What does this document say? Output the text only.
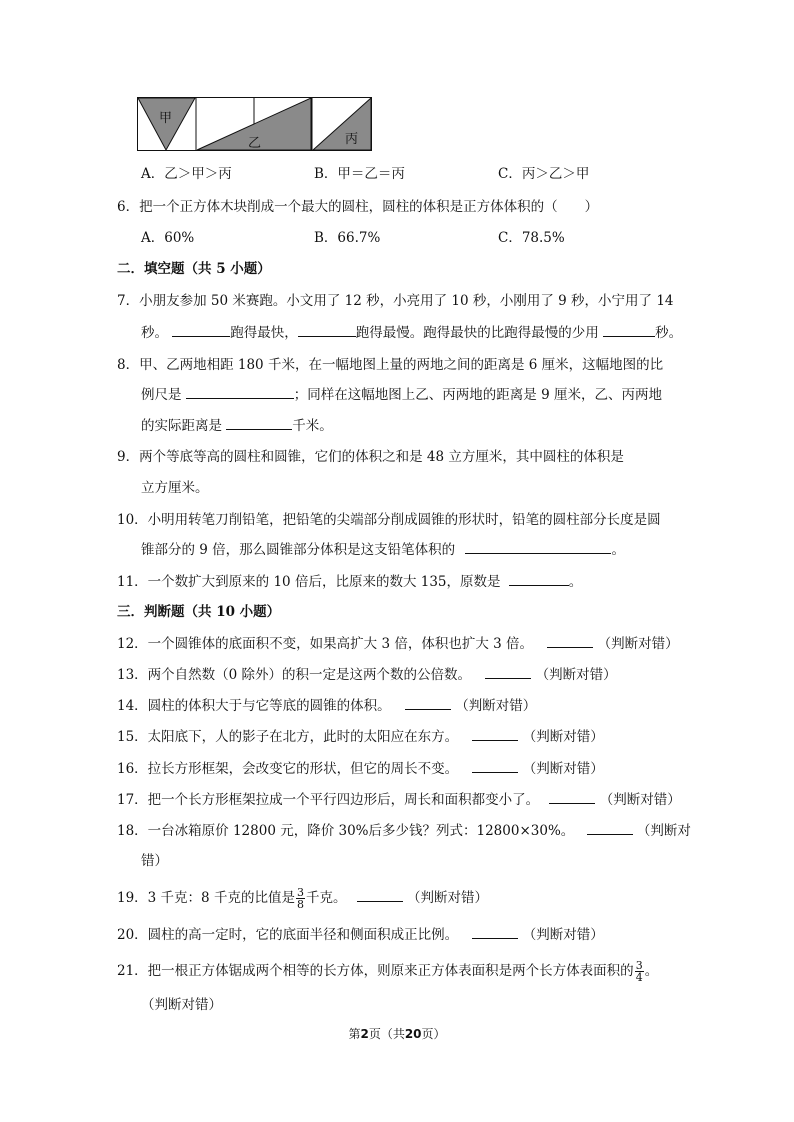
甲
乙	丙
A．乙＞甲＞丙	B．甲＝乙＝丙	C．丙＞乙＞甲
6．把一个正方体木块削成一个最大的圆柱，圆柱的体积是正方体体积的（　　）
A．60%	B．66.7%	C．78.5%
二．填空题（共 5 小题）
7．小朋友参加 50 米赛跑。小文用了 12 秒，小亮用了 10 秒，小刚用了 9 秒，小宁用了 14
秒。	跑得最快，	跑得最慢。跑得最快的比跑得最慢的少用	秒。
8．甲、乙两地相距 180 千米，在一幅地图上量的两地之间的距离是 6 厘米，这幅地图的比
例尺是	；同样在这幅地图上乙、丙两地的距离是 9 厘米，乙、丙两地
的实际距离是	千米。
9．两个等底等高的圆柱和圆锥，它们的体积之和是 48 立方厘米，其中圆柱的体积是
立方厘米。
10．小明用转笔刀削铅笔，把铅笔的尖端部分削成圆锥的形状时，铅笔的圆柱部分长度是圆
锥部分的 9 倍，那么圆锥部分体积是这支铅笔体积的	。
11．一个数扩大到原来的 10 倍后，比原来的数大 135，原数是	。
三．判断题（共 10 小题）
12．一个圆锥体的底面积不变，如果高扩大 3 倍，体积也扩大 3 倍。	（判断对错）
13．两个自然数（0 除外）的积一定是这两个数的公倍数。	（判断对错）
14．圆柱的体积大于与它等底的圆锥的体积。	（判断对错）
15．太阳底下，人的影子在北方，此时的太阳应在东方。	（判断对错）
16．拉长方形框架，会改变它的形状，但它的周长不变。	（判断对错）
17．把一个长方形框架拉成一个平行四边形后，周长和面积都变小了。	（判断对错）
18．一台冰箱原价 12800 元，降价 30%后多少钱？列式：12800×30%。	（判断对
错）
19．3 千克：8 千克的比值是 $\frac{3}{8}$ 千克。	（判断对错）
20．圆柱的高一定时，它的底面半径和侧面积成正比例。	（判断对错）
21．把一根正方体锯成两个相等的长方体，则原来正方体表面积是两个长方体表面积的 $\frac{3}{4}$ 。
（判断对错）
第2页（共20页）
